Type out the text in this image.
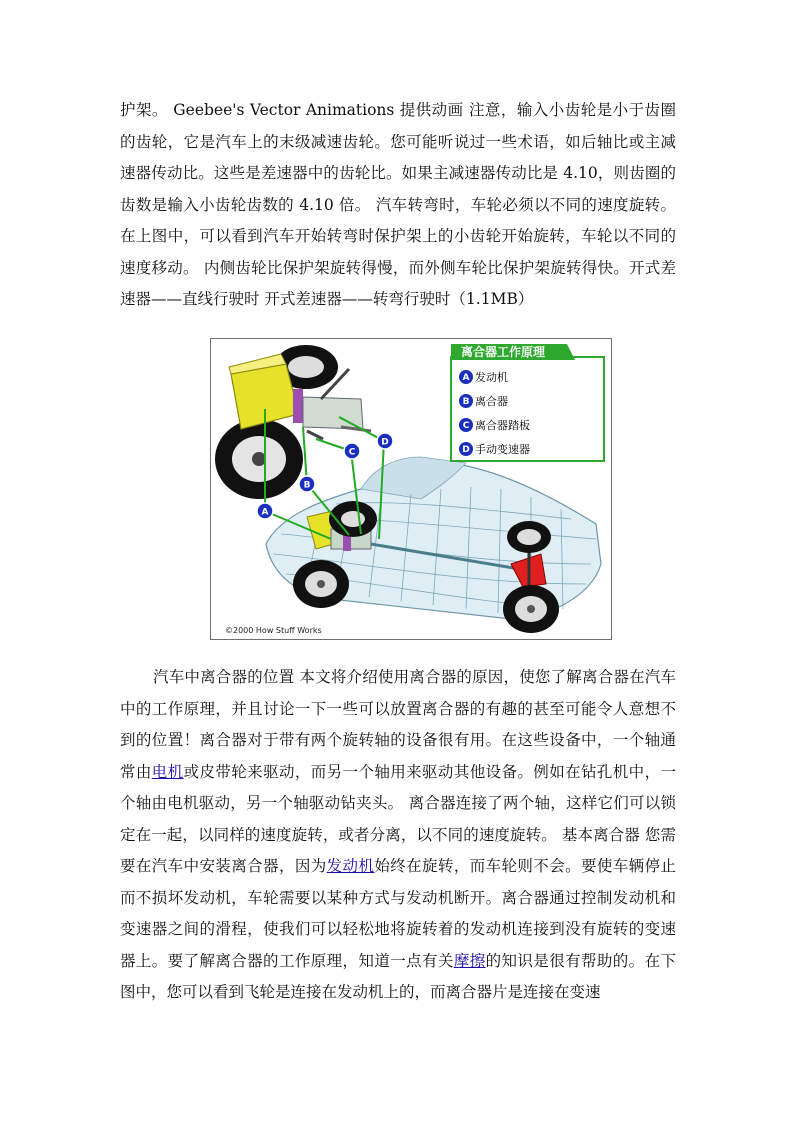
护架。 Geebee's Vector Animations 提供动画 注意，输入小齿轮是小于齿圈的齿轮，它是汽车上的末级减速齿轮。您可能听说过一些术语，如后轴比或主减速器传动比。这些是差速器中的齿轮比。如果主减速器传动比是 4.10，则齿圈的齿数是输入小齿轮齿数的 4.10 倍。 汽车转弯时，车轮必须以不同的速度旋转。在上图中，可以看到汽车开始转弯时保护架上的小齿轮开始旋转，车轮以不同的速度移动。 内侧齿轮比保护架旋转得慢，而外侧车轮比保护架旋转得快。开式差速器——直线行驶时 开式差速器——转弯行驶时（1.1MB）

A
B
C
D
离合器工作原理
A 发动机
B 离合器
C 离合器踏板
D 手动变速器
©2000 How Stuff Works

汽车中离合器的位置 本文将介绍使用离合器的原因，使您了解离合器在汽车中的工作原理，并且讨论一下一些可以放置离合器的有趣的甚至可能令人意想不到的位置！离合器对于带有两个旋转轴的设备很有用。在这些设备中，一个轴通常由电机或皮带轮来驱动，而另一个轴用来驱动其他设备。例如在钻孔机中，一个轴由电机驱动，另一个轴驱动钻夹头。 离合器连接了两个轴，这样它们可以锁定在一起，以同样的速度旋转，或者分离，以不同的速度旋转。 基本离合器 您需要在汽车中安装离合器，因为发动机始终在旋转，而车轮则不会。要使车辆停止而不损坏发动机，车轮需要以某种方式与发动机断开。离合器通过控制发动机和变速器之间的滑程，使我们可以轻松地将旋转着的发动机连接到没有旋转的变速器上。要了解离合器的工作原理，知道一点有关摩擦的知识是很有帮助的。在下图中，您可以看到飞轮是连接在发动机上的，而离合器片是连接在变速
